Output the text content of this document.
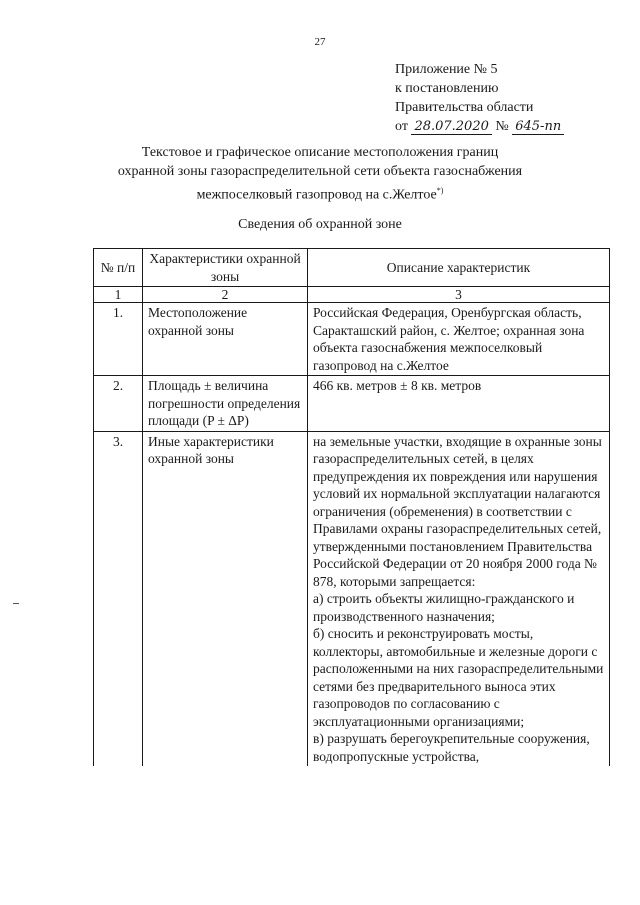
27
Приложение № 5
к постановлению
Правительства области
от 28.07.2020 № 645-пп
Текстовое и графическое описание местоположения границ
охранной зоны газораспределительной сети объекта газоснабжения
межпоселковый газопровод на с.Желтое*)
Сведения об охранной зоне
№ п/п	Характеристики охранной зоны	Описание характеристик
1	2	3
1.	Местоположение охранной зоны	Российская Федерация, Оренбургская область, Саракташский район, с. Желтое; охранная зона объекта газоснабжения межпоселковый газопровод на с.Желтое
2.	Площадь ± величина погрешности определения площади (P ± ΔP)	466 кв. метров ± 8 кв. метров
3.	Иные характеристики охранной зоны	на земельные участки, входящие в охранные зоны газораспределительных сетей, в целях предупреждения их повреждения или нарушения условий их нормальной эксплуатации налагаются ограничения (обременения) в соответствии с Правилами охраны газораспределительных сетей, утвержденными постановлением Правительства Российской Федерации от 20 ноября 2000 года № 878, которыми запрещается:
а) строить объекты жилищно-гражданского и производственного назначения;
б) сносить и реконструировать мосты, коллекторы, автомобильные и железные дороги с расположенными на них газораспределительными сетями без предварительного выноса этих газопроводов по согласованию с эксплуатационными организациями;
в) разрушать берегоукрепительные сооружения, водопропускные устройства,
